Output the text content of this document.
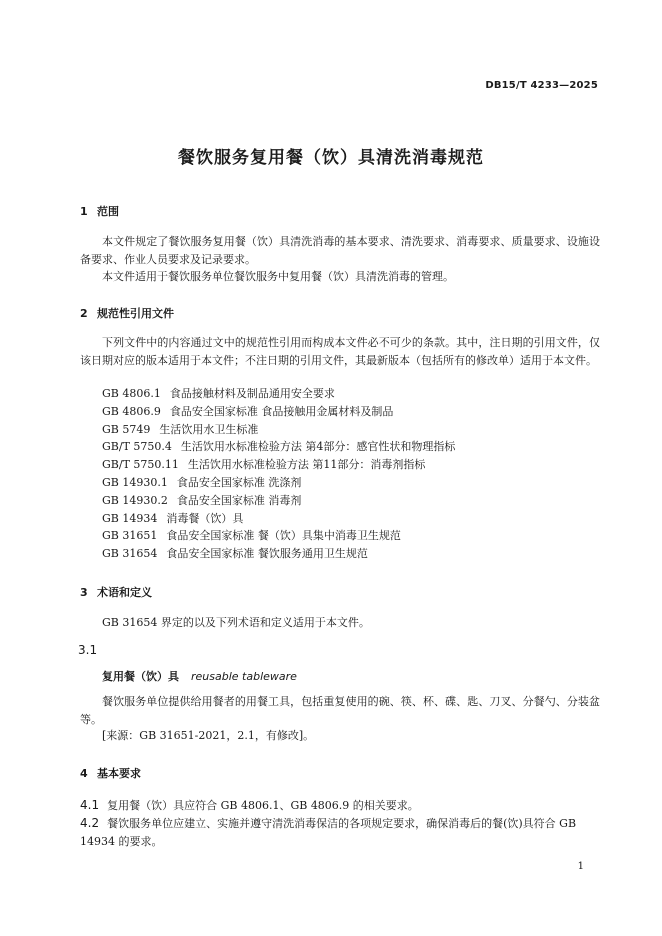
DB15/T 4233—2025
餐饮服务复用餐（饮）具清洗消毒规范
1 范围
本文件规定了餐饮服务复用餐（饮）具清洗消毒的基本要求、清洗要求、消毒要求、质量要求、设施设备要求、作业人员要求及记录要求。
本文件适用于餐饮服务单位餐饮服务中复用餐（饮）具清洗消毒的管理。
2 规范性引用文件
下列文件中的内容通过文中的规范性引用而构成本文件必不可少的条款。其中，注日期的引用文件，仅该日期对应的版本适用于本文件；不注日期的引用文件，其最新版本（包括所有的修改单）适用于本文件。
GB 4806.1 食品接触材料及制品通用安全要求
GB 4806.9 食品安全国家标准 食品接触用金属材料及制品
GB 5749 生活饮用水卫生标准
GB/T 5750.4 生活饮用水标准检验方法 第4部分：感官性状和物理指标
GB/T 5750.11 生活饮用水标准检验方法 第11部分：消毒剂指标
GB 14930.1 食品安全国家标准 洗涤剂
GB 14930.2 食品安全国家标准 消毒剂
GB 14934 消毒餐（饮）具
GB 31651 食品安全国家标准 餐（饮）具集中消毒卫生规范
GB 31654 食品安全国家标准 餐饮服务通用卫生规范
3 术语和定义
GB 31654 界定的以及下列术语和定义适用于本文件。
3.1
复用餐（饮）具 reusable tableware
餐饮服务单位提供给用餐者的用餐工具，包括重复使用的碗、筷、杯、碟、匙、刀叉、分餐勺、分装盆等。
[来源：GB 31651-2021，2.1，有修改]。
4 基本要求
4.1 复用餐（饮）具应符合 GB 4806.1、GB 4806.9 的相关要求。
4.2 餐饮服务单位应建立、实施并遵守清洗消毒保洁的各项规定要求，确保消毒后的餐(饮)具符合 GB 14934 的要求。
1
